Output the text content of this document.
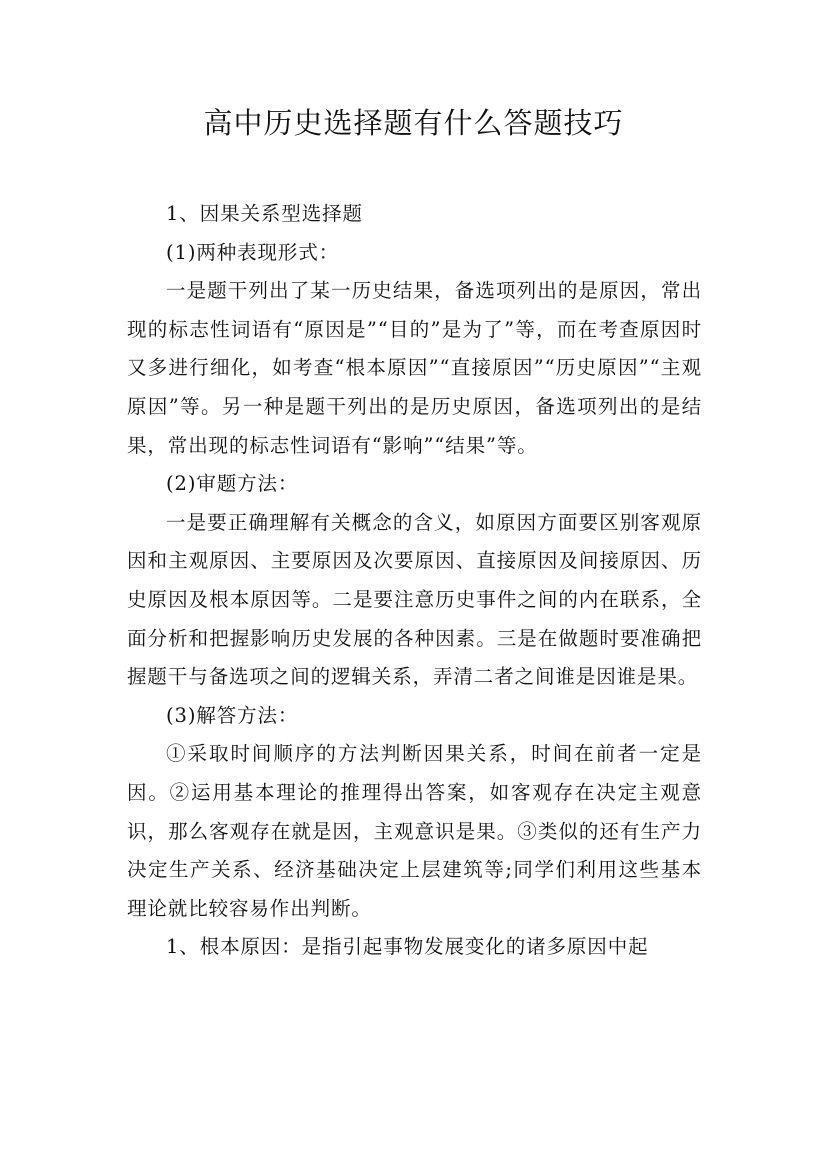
高中历史选择题有什么答题技巧

1、因果关系型选择题

(1)两种表现形式：

一是题干列出了某一历史结果，备选项列出的是原因，常出现的标志性词语有“原因是”“目的”是为了”等，而在考查原因时又多进行细化，如考查“根本原因”“直接原因”“历史原因”“主观原因”等。另一种是题干列出的是历史原因，备选项列出的是结果，常出现的标志性词语有“影响”“结果”等。

(2)审题方法：

一是要正确理解有关概念的含义，如原因方面要区别客观原因和主观原因、主要原因及次要原因、直接原因及间接原因、历史原因及根本原因等。二是要注意历史事件之间的内在联系，全面分析和把握影响历史发展的各种因素。三是在做题时要准确把握题干与备选项之间的逻辑关系，弄清二者之间谁是因谁是果。

(3)解答方法：

①采取时间顺序的方法判断因果关系，时间在前者一定是因。②运用基本理论的推理得出答案，如客观存在决定主观意识，那么客观存在就是因，主观意识是果。③类似的还有生产力决定生产关系、经济基础决定上层建筑等;同学们利用这些基本理论就比较容易作出判断。

1、根本原因：是指引起事物发展变化的诸多原因中起
